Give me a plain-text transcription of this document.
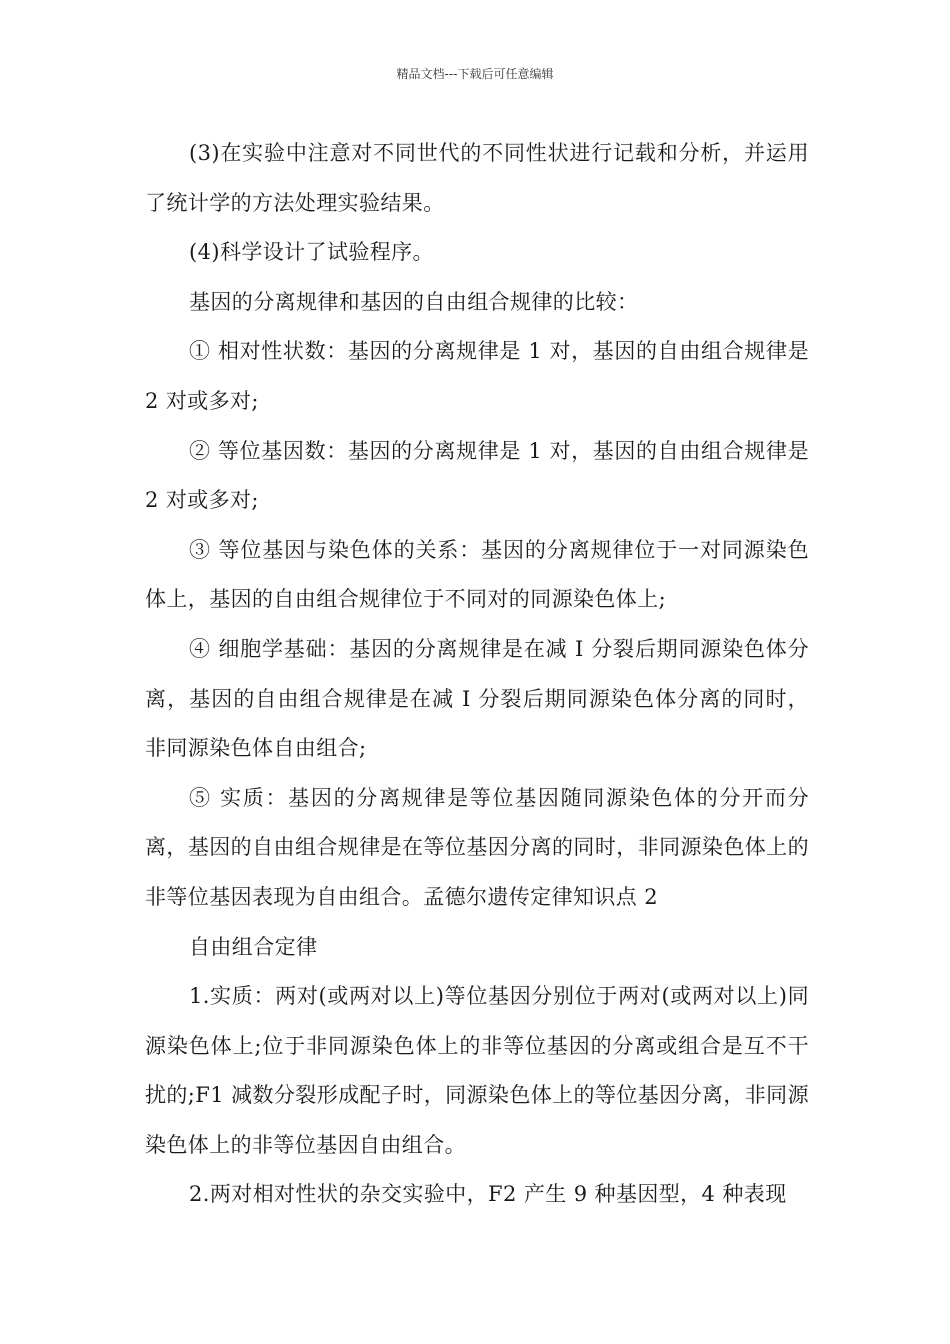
精品文档---下载后可任意编辑

(3)在实验中注意对不同世代的不同性状进行记载和分析，并运用了统计学的方法处理实验结果。

(4)科学设计了试验程序。

基因的分离规律和基因的自由组合规律的比较：

① 相对性状数：基因的分离规律是 1 对，基因的自由组合规律是 2 对或多对;

② 等位基因数：基因的分离规律是 1 对，基因的自由组合规律是 2 对或多对;

③ 等位基因与染色体的关系：基因的分离规律位于一对同源染色体上，基因的自由组合规律位于不同对的同源染色体上;

④ 细胞学基础：基因的分离规律是在减 I 分裂后期同源染色体分离，基因的自由组合规律是在减 I 分裂后期同源染色体分离的同时，非同源染色体自由组合;

⑤ 实质：基因的分离规律是等位基因随同源染色体的分开而分离，基因的自由组合规律是在等位基因分离的同时，非同源染色体上的非等位基因表现为自由组合。孟德尔遗传定律知识点 2

自由组合定律

1.实质：两对(或两对以上)等位基因分别位于两对(或两对以上)同源染色体上;位于非同源染色体上的非等位基因的分离或组合是互不干扰的;F1 减数分裂形成配子时，同源染色体上的等位基因分离，非同源染色体上的非等位基因自由组合。

2.两对相对性状的杂交实验中，F2 产生 9 种基因型，4 种表现
